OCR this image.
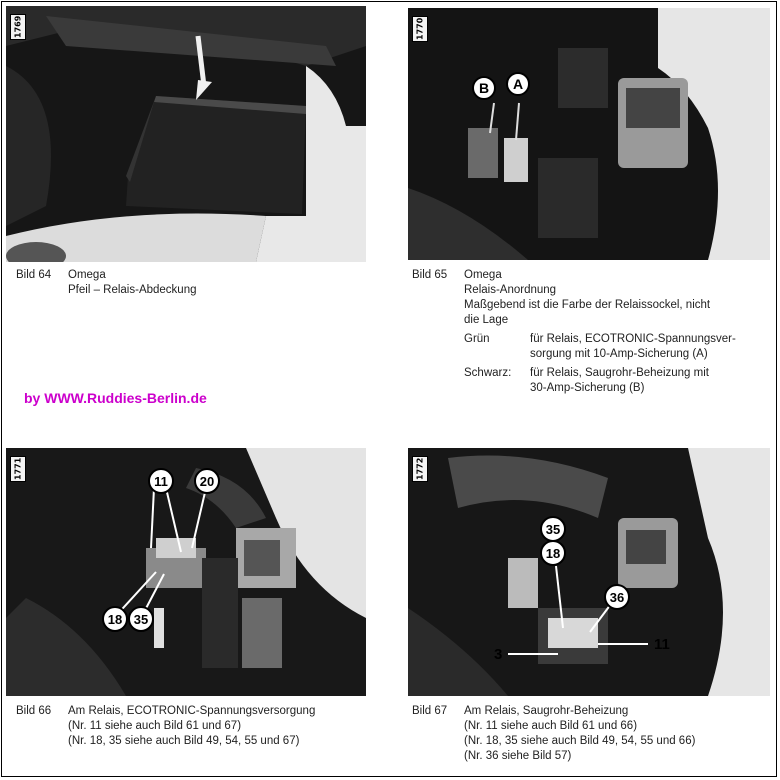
1769	1770
B	A
1771
11	20
18 35
1772
35
18
36
3
11
Bild 64 Omega
Pfeil – Relais-Abdeckung
Bild 65 Omega
Relais-Anordnung
Maßgebend ist die Farbe der Relaissockel, nicht
die Lage
Grün	für Relais, ECOTRONIC-Spannungsver-
sorgung mit 10-Amp-Sicherung (A)
Schwarz: für Relais, Saugrohr-Beheizung mit
30-Amp-Sicherung (B)
by WWW.Ruddies-Berlin.de
Bild 66 Am Relais, ECOTRONIC-Spannungsversorgung
(Nr. 11 siehe auch Bild 61 und 67)
(Nr. 18, 35 siehe auch Bild 49, 54, 55 und 67)
Bild 67 Am Relais, Saugrohr-Beheizung
(Nr. 11 siehe auch Bild 61 und 66)
(Nr. 18, 35 siehe auch Bild 49, 54, 55 und 66)
(Nr. 36 siehe Bild 57)
